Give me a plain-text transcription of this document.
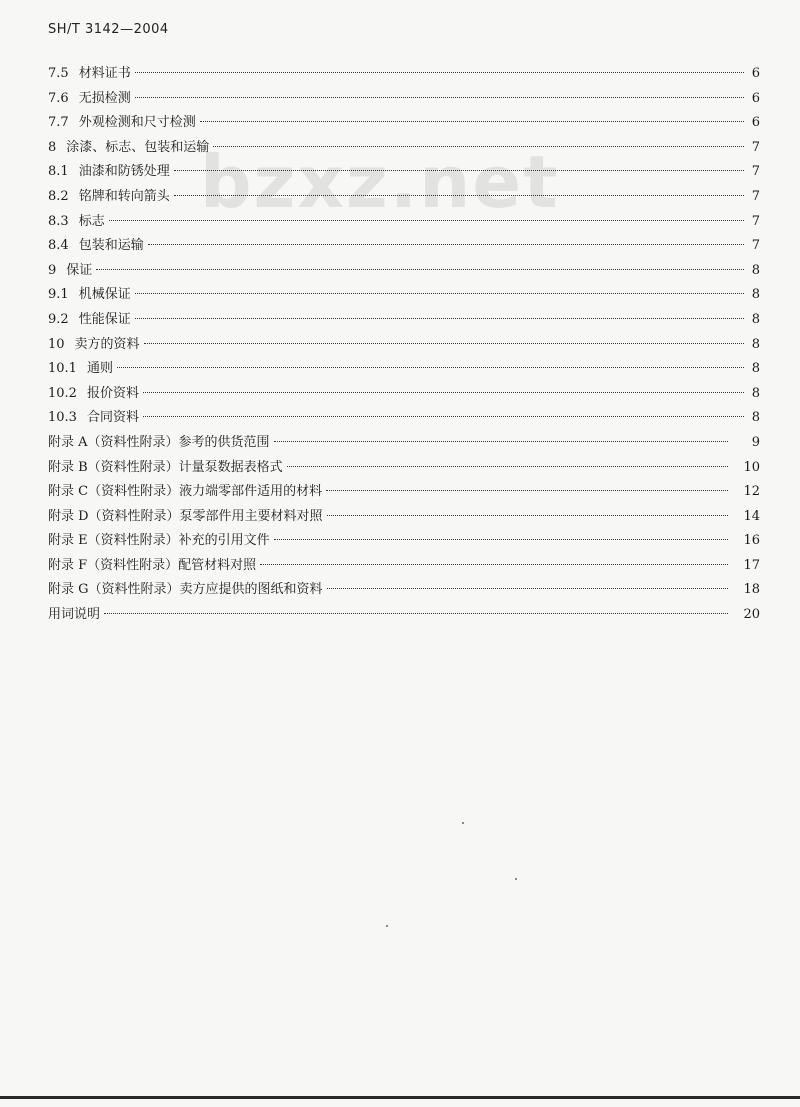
SH/T 3142—2004
bzxz.net
7.5 材料证书	6
7.6 无损检测	6
7.7 外观检测和尺寸检测	6
8 涂漆、标志、包装和运输	7
8.1 油漆和防锈处理	7
8.2 铭牌和转向箭头	7
8.3 标志	7
8.4 包装和运输	7
9 保证	8
9.1 机械保证	8
9.2 性能保证	8
10 卖方的资料	8
10.1 通则	8
10.2 报价资料	8
10.3 合同资料	8
附录 A（资料性附录）参考的供货范围	9
附录 B（资料性附录）计量泵数据表格式	10
附录 C（资料性附录）液力端零部件适用的材料	12
附录 D（资料性附录）泵零部件用主要材料对照	14
附录 E（资料性附录）补充的引用文件	16
附录 F（资料性附录）配管材料对照	17
附录 G（资料性附录）卖方应提供的图纸和资料	18
用词说明	20
